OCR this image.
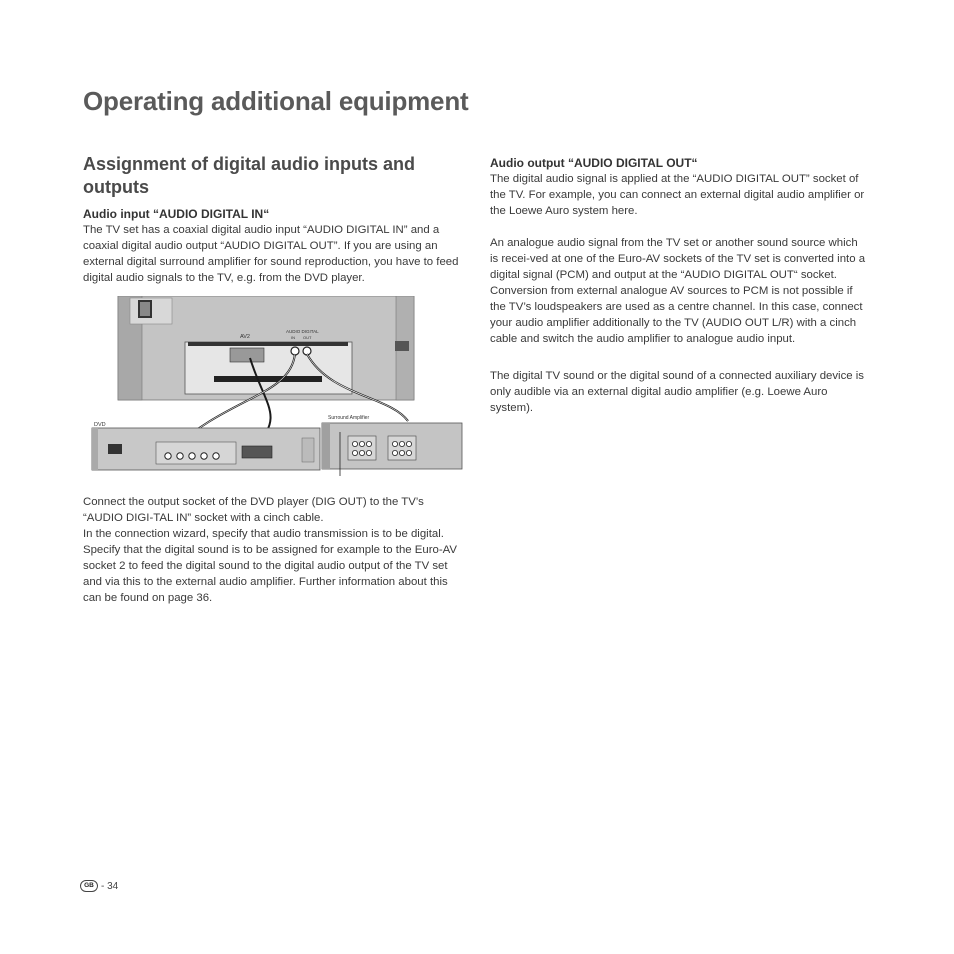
Operating additional equipment
Assignment of digital audio inputs and outputs

Audio input “AUDIO DIGITAL IN“

The TV set has a coaxial digital audio input “AUDIO DIGITAL IN” and a coaxial digital audio output “AUDIO DIGITAL OUT”. If you are using an external digital surround amplifier for sound reproduction, you have to feed digital audio signals to the TV, e.g. from the DVD player.

AV2
AUDIO DIGITAL
IN OUT
DVD
Surround Amplifier

Connect the output socket of the DVD player (DIG OUT) to the TV’s “AUDIO DIGI-TAL IN” socket with a cinch cable.

In the connection wizard, specify that audio transmission is to be digital. Specify that the digital sound is to be assigned for example to the Euro-AV socket 2 to feed the digital sound to the digital audio output of the TV set and via this to the external audio amplifier. Further information about this can be found on page 36.

Audio output “AUDIO DIGITAL OUT“

The digital audio signal is applied at the “AUDIO DIGITAL OUT” socket of the TV. For example, you can connect an external digital audio amplifier or the Loewe Auro system here.

An analogue audio signal from the TV set or another sound source which is recei-ved at one of the Euro-AV sockets of the TV set is converted into a digital signal (PCM) and output at the “AUDIO DIGITAL OUT“ socket. Conversion from external analogue AV sources to PCM is not possible if the TV’s loudspeakers are used as a centre channel. In this case, connect your audio amplifier additionally to the TV (AUDIO OUT L/R) with a cinch cable and switch the audio amplifier to analogue audio input.

The digital TV sound or the digital sound of a connected auxiliary device is only audible via an external digital audio amplifier (e.g. Loewe Auro system).

GB - 34
